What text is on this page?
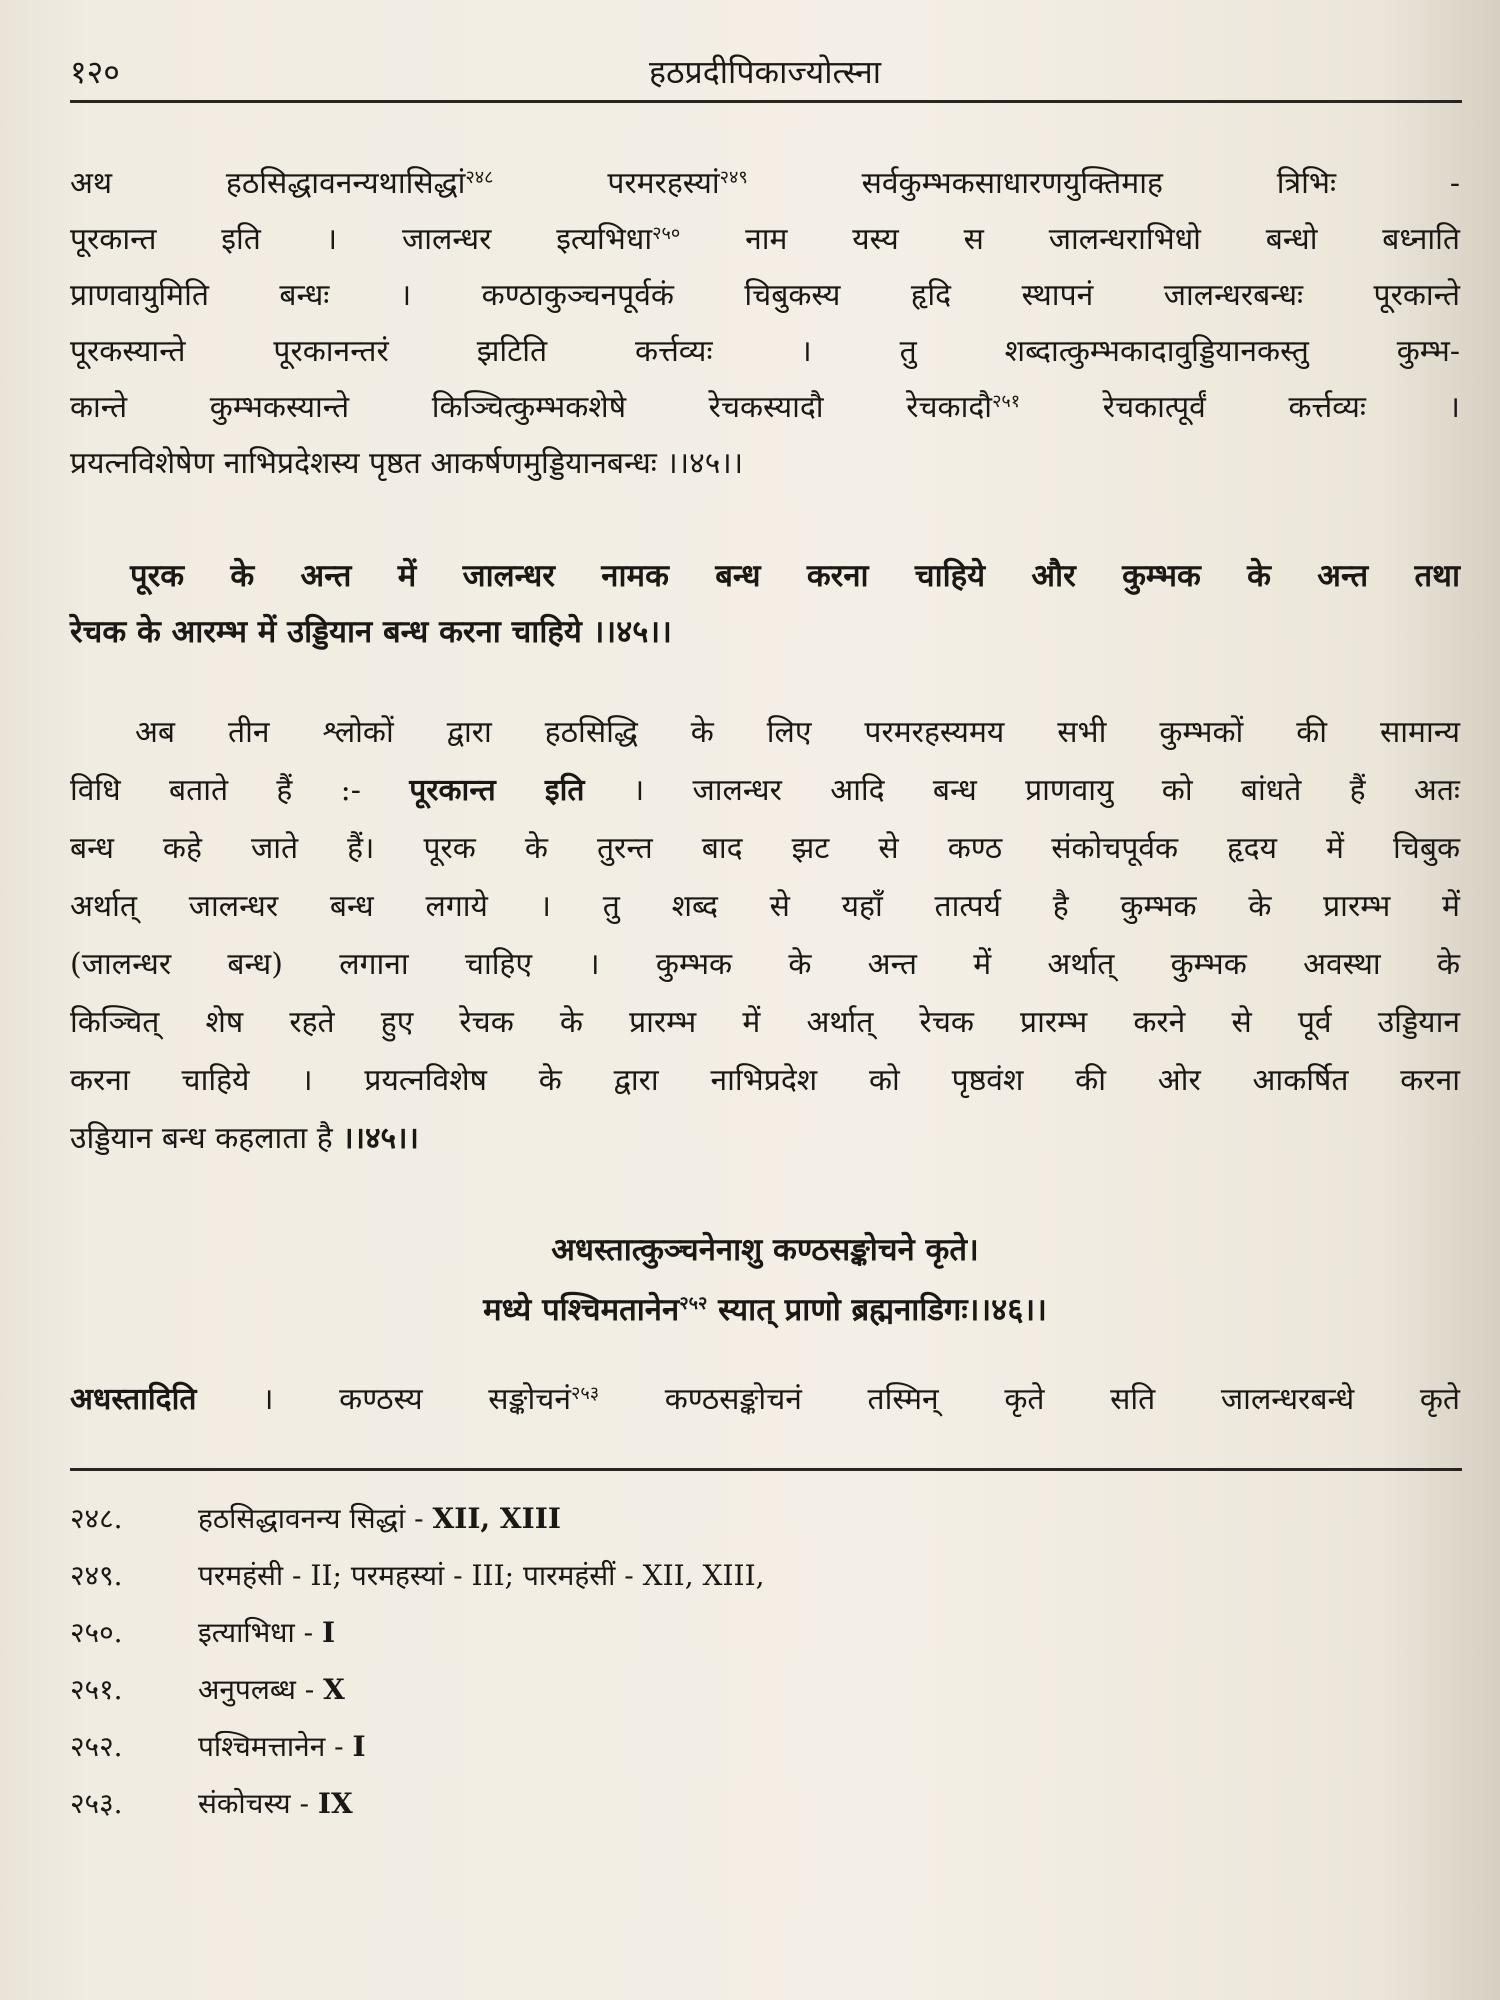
१२०	हठप्रदीपिकाज्योत्स्ना
अथ हठसिद्धावनन्यथासिद्धां$^{२४८}$ परमरहस्यां$^{२४९}$ सर्वकुम्भकसाधारणयुक्तिमाह त्रिभिः -
पूरकान्त इति । जालन्धर इत्यभिधा$^{२५०}$ नाम यस्य स जालन्धराभिधो बन्धो बध्नाति
प्राणवायुमिति बन्धः । कण्ठाकुञ्चनपूर्वकं चिबुकस्य हृदि स्थापनं जालन्धरबन्धः पूरकान्ते
पूरकस्यान्ते पूरकानन्तरं झटिति कर्त्तव्यः । तु शब्दात्कुम्भकादावुड्डियानकस्तु कुम्भ-
कान्ते कुम्भकस्यान्ते किञ्चित्कुम्भकशेषे रेचकस्यादौ रेचकादौ$^{२५१}$ रेचकात्पूर्वं कर्त्तव्यः ।
प्रयत्नविशेषेण नाभिप्रदेशस्य पृष्ठत आकर्षणमुड्डियानबन्धः ।।४५।।
पूरक के अन्त में जालन्धर नामक बन्ध करना चाहिये और कुम्भक के अन्त तथा
रेचक के आरम्भ में उड्डियान बन्ध करना चाहिये ।।४५।।
अब तीन श्लोकों द्वारा हठसिद्धि के लिए परमरहस्यमय सभी कुम्भकों की सामान्य
विधि बताते हैं :- पूरकान्त इति । जालन्धर आदि बन्ध प्राणवायु को बांधते हैं अतः
बन्ध कहे जाते हैं। पूरक के तुरन्त बाद झट से कण्ठ संकोचपूर्वक हृदय में चिबुक
अर्थात् जालन्धर बन्ध लगाये । तु शब्द से यहाँ तात्पर्य है कुम्भक के प्रारम्भ में
(जालन्धर बन्ध) लगाना चाहिए । कुम्भक के अन्त में अर्थात् कुम्भक अवस्था के
किञ्चित् शेष रहते हुए रेचक के प्रारम्भ में अर्थात् रेचक प्रारम्भ करने से पूर्व उड्डियान
करना चाहिये । प्रयत्नविशेष के द्वारा नाभिप्रदेश को पृष्ठवंश की ओर आकर्षित करना
उड्डियान बन्ध कहलाता है ।।४५।।
अधस्तात्कुञ्चनेनाशु कण्ठसङ्कोचने कृते।
मध्ये पश्चिमतानेन$^{२५२}$ स्यात् प्राणो ब्रह्मनाडिगः।।४६।।
अधस्तादिति । कण्ठस्य सङ्कोचनं$^{२५३}$ कण्ठसङ्कोचनं तस्मिन् कृते सति जालन्धरबन्धे कृते
२४८.	हठसिद्धावनन्य सिद्धां - XII, XIII
२४९.	परमहंसी - II; परमहस्यां - III; पारमहंसीं - XII, XIII,
२५०.	इत्याभिधा - I
२५१.	अनुपलब्ध - X
२५२.	पश्चिमत्तानेन - I
२५३.	संकोचस्य - IX
